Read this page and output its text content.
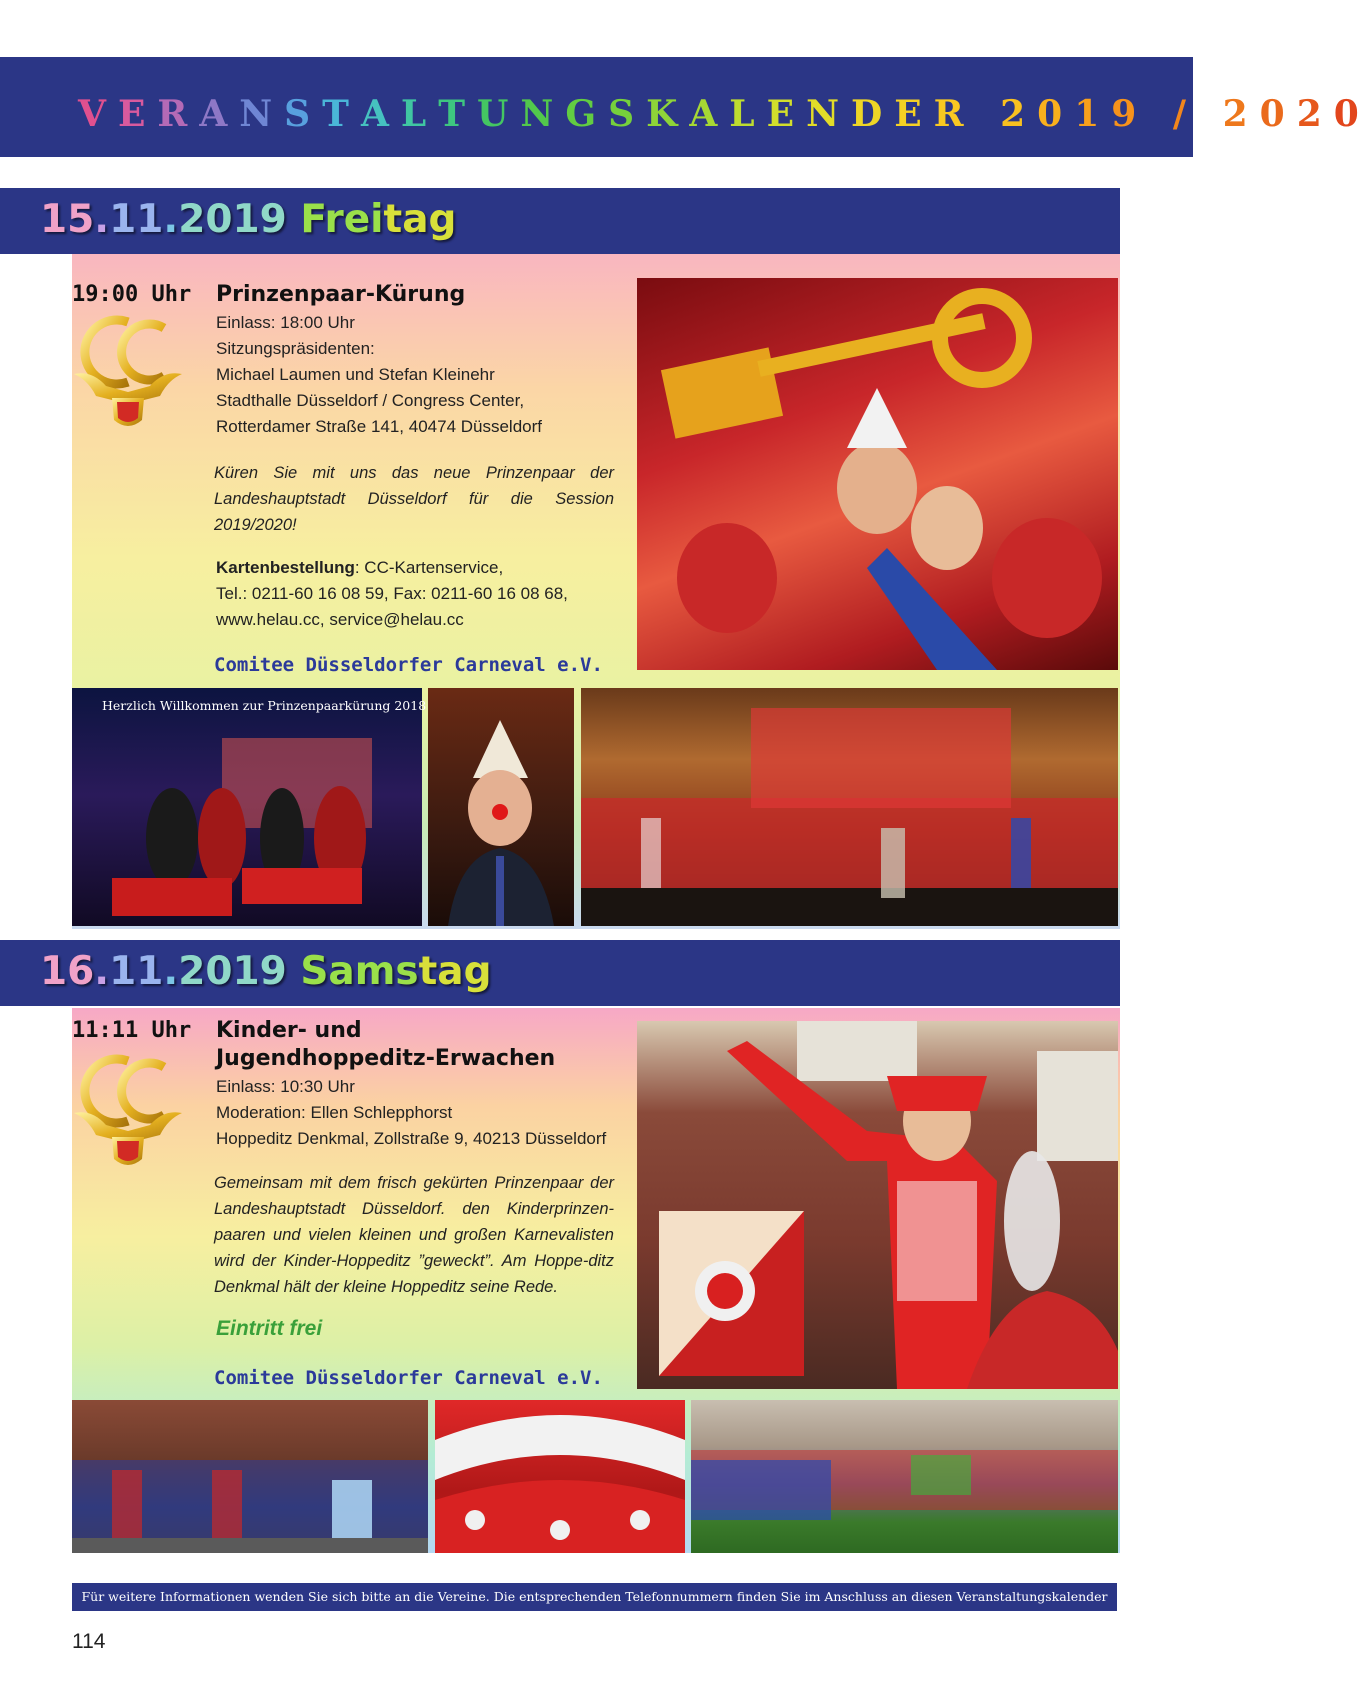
VERANSTALTUNGSKALENDER 2019 / 2020
15.11.2019 Freitag
19:00 Uhr Prinzenpaar-Kürung
Einlass: 18:00 Uhr
Sitzungspräsidenten:
Michael Laumen und Stefan Kleinehr
Stadthalle Düsseldorf / Congress Center,
Rotterdamer Straße 141, 40474 Düsseldorf
Küren Sie mit uns das neue Prinzenpaar der Landeshauptstadt Düsseldorf für die Session 2019/2020!
Kartenbestellung: CC-Kartenservice,
Tel.: 0211-60 16 08 59, Fax: 0211-60 16 08 68,
www.helau.cc, service@helau.cc
Comitee Düsseldorfer Carneval e.V.
Herzlich Willkommen zur Prinzenpaarkürung 2018
16.11.2019 Samstag
11:11 Uhr Kinder- und
Jugendhoppeditz-Erwachen
Einlass: 10:30 Uhr
Moderation: Ellen Schlepphorst
Hoppeditz Denkmal, Zollstraße 9, 40213 Düsseldorf
Gemeinsam mit dem frisch gekürten Prinzenpaar der Landeshauptstadt Düsseldorf. den Kinderprinzen-paaren und vielen kleinen und großen Karnevalisten wird der Kinder-Hoppeditz ”geweckt”. Am Hoppe-ditz Denkmal hält der kleine Hoppeditz seine Rede.
Eintritt frei
Comitee Düsseldorfer Carneval e.V.
Für weitere Informationen wenden Sie sich bitte an die Vereine. Die entsprechenden Telefonnummern finden Sie im Anschluss an diesen Veranstaltungskalender
114
